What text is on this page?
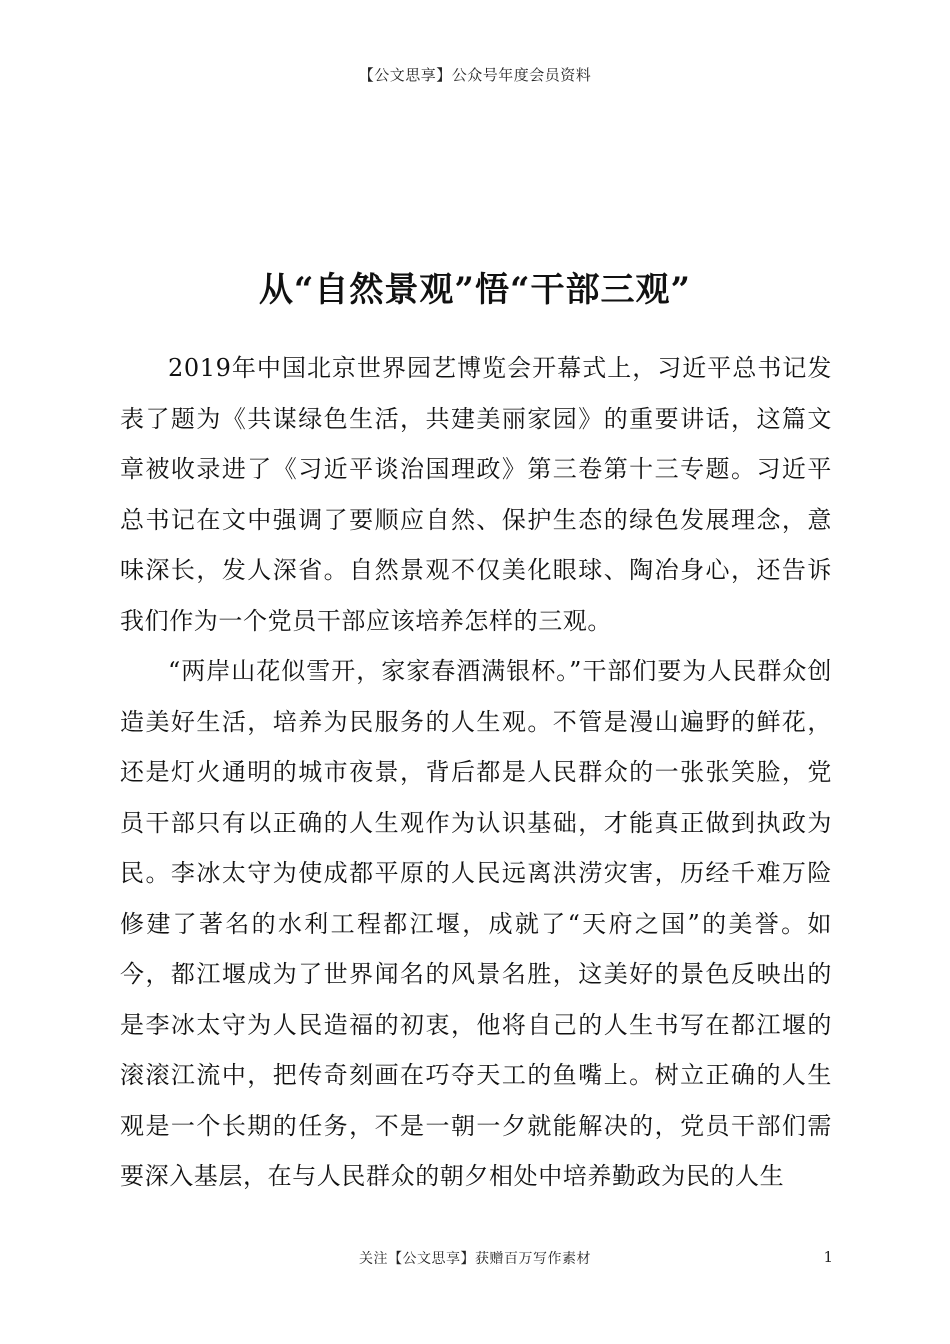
【公文思享】公众号年度会员资料
从“自然景观”悟“干部三观”

2019年中国北京世界园艺博览会开幕式上，习近平总书记发表了题为《共谋绿色生活，共建美丽家园》的重要讲话，这篇文章被收录进了《习近平谈治国理政》第三卷第十三专题。习近平总书记在文中强调了要顺应自然、保护生态的绿色发展理念，意味深长，发人深省。自然景观不仅美化眼球、陶冶身心，还告诉我们作为一个党员干部应该培养怎样的三观。

“两岸山花似雪开，家家春酒满银杯。”干部们要为人民群众创造美好生活，培养为民服务的人生观。不管是漫山遍野的鲜花，还是灯火通明的城市夜景，背后都是人民群众的一张张笑脸，党员干部只有以正确的人生观作为认识基础，才能真正做到执政为民。李冰太守为使成都平原的人民远离洪涝灾害，历经千难万险修建了著名的水利工程都江堰，成就了“天府之国”的美誉。如今，都江堰成为了世界闻名的风景名胜，这美好的景色反映出的是李冰太守为人民造福的初衷，他将自己的人生书写在都江堰的滚滚江流中，把传奇刻画在巧夺天工的鱼嘴上。树立正确的人生观是一个长期的任务，不是一朝一夕就能解决的，党员干部们需要深入基层，在与人民群众的朝夕相处中培养勤政为民的人生

关注【公文思享】获赠百万写作素材	1
